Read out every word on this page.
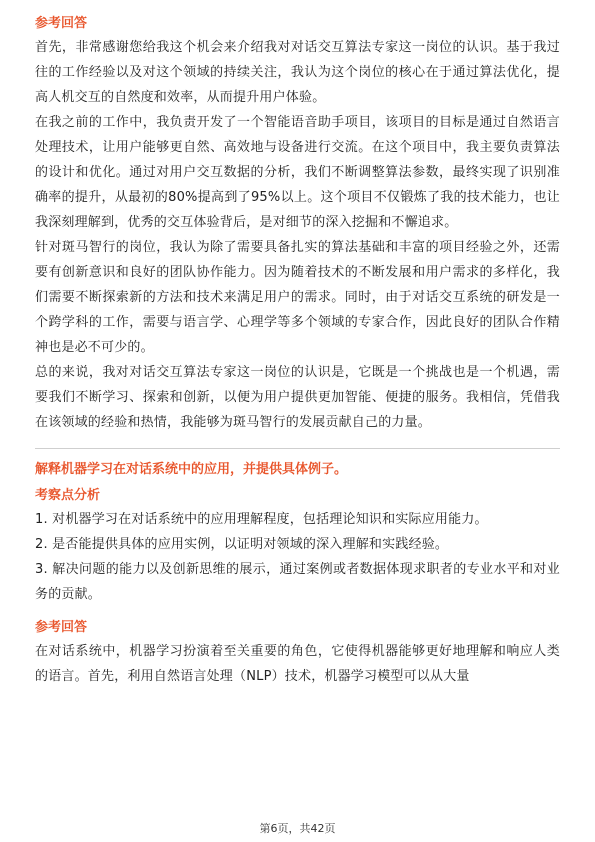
参考回答

首先，非常感谢您给我这个机会来介绍我对对话交互算法专家这一岗位的认识。基于我过往的工作经验以及对这个领域的持续关注，我认为这个岗位的核心在于通过算法优化，提高人机交互的自然度和效率，从而提升用户体验。

在我之前的工作中，我负责开发了一个智能语音助手项目，该项目的目标是通过自然语言处理技术，让用户能够更自然、高效地与设备进行交流。在这个项目中，我主要负责算法的设计和优化。通过对用户交互数据的分析，我们不断调整算法参数，最终实现了识别准确率的提升，从最初的80%提高到了95%以上。这个项目不仅锻炼了我的技术能力，也让我深刻理解到，优秀的交互体验背后，是对细节的深入挖掘和不懈追求。

针对斑马智行的岗位，我认为除了需要具备扎实的算法基础和丰富的项目经验之外，还需要有创新意识和良好的团队协作能力。因为随着技术的不断发展和用户需求的多样化，我们需要不断探索新的方法和技术来满足用户的需求。同时，由于对话交互系统的研发是一个跨学科的工作，需要与语言学、心理学等多个领域的专家合作，因此良好的团队合作精神也是必不可少的。

总的来说，我对对话交互算法专家这一岗位的认识是，它既是一个挑战也是一个机遇，需要我们不断学习、探索和创新，以便为用户提供更加智能、便捷的服务。我相信，凭借我在该领域的经验和热情，我能够为斑马智行的发展贡献自己的力量。

解释机器学习在对话系统中的应用，并提供具体例子。

考察点分析

1. 对机器学习在对话系统中的应用理解程度，包括理论知识和实际应用能力。

2. 是否能提供具体的应用实例，以证明对领域的深入理解和实践经验。

3. 解决问题的能力以及创新思维的展示，通过案例或者数据体现求职者的专业水平和对业务的贡献。

参考回答

在对话系统中，机器学习扮演着至关重要的角色，它使得机器能够更好地理解和响应人类的语言。首先，利用自然语言处理（NLP）技术，机器学习模型可以从大量

第6页，共42页
